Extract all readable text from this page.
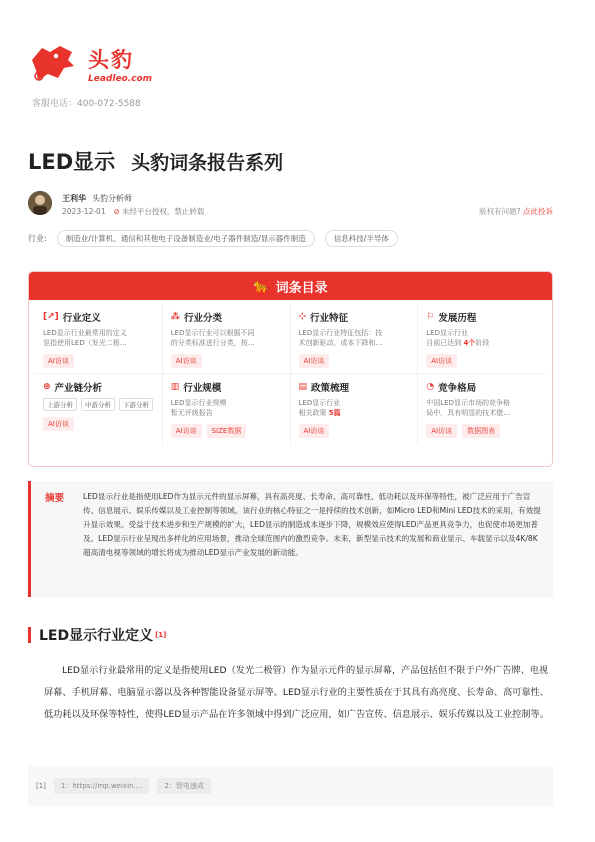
头豹
Leadleo.com
客服电话：400-072-5588
LED显示 头豹词条报告系列
王利华 头豹分析师
2023-12-01 ⊘ 未经平台授权，禁止转载	版权有问题? 点此投诉
行业:	制造业/计算机、通信和其他电子设备制造业/电子器件制造/显示器件制造	信息科技/半导体
🐆 词条目录
[↗] 行业定义
LED显示行业最常用的定义
是指使用LED（发光二极…
AI访谈
⁂ 行业分类
LED显示行业可以根据不同
的分类标准进行分类，按…
AI访谈
⊹ 行业特征
LED显示行业特征包括：技
术创新驱动、成本下降和…
AI访谈
⚐ 发展历程
LED显示行业
目前已达到 4个阶段
AI访谈
⊕ 产业链分析
上游分析	中游分析	下游分析
AI访谈
▥ 行业规模
LED显示行业规模
暂无评级报告
AI访谈	SIZE数据
▤ 政策梳理
LED显示行业
相关政策 5篇
AI访谈
◔ 竞争格局
中国LED显示市场的竞争格
局中，具有明显的技术壁…
AI访谈	数据图表
摘要	LED显示行业是指使用LED作为显示元件的显示屏幕，具有高亮度、长寿命、高可靠性、低功耗以及环保等特性，被广泛应用于广告宣传、信息展示、娱乐传媒以及工业控制等领域。该行业的核心特征之一是持续的技术创新，如Micro LED和Mini LED技术的采用，有效提升显示效果。受益于技术进步和生产规模的扩大，LED显示的制造成本逐步下降，规模效应使得LED产品更具竞争力，也促使市场更加普及。LED显示行业呈现出多样化的应用场景，推动全球范围内的激烈竞争。未来，新型显示技术的发展和商业显示、车载显示以及4K/8K超高清电视等领域的增长将成为推动LED显示产业发展的新动能。
LED显示行业定义 [1]
LED显示行业最常用的定义是指使用LED（发光二极管）作为显示元件的显示屏幕，产品包括但不限于户外广告牌、电视屏幕、手机屏幕、电脑显示器以及各种智能设备显示屏等。LED显示行业的主要性质在于其具有高亮度、长寿命、高可靠性、低功耗以及环保等特性，使得LED显示产品在许多领域中得到广泛应用，如广告宣传、信息展示、娱乐传媒以及工业控制等。
[1]	1：https://mp.weixin....	2：智电速成
